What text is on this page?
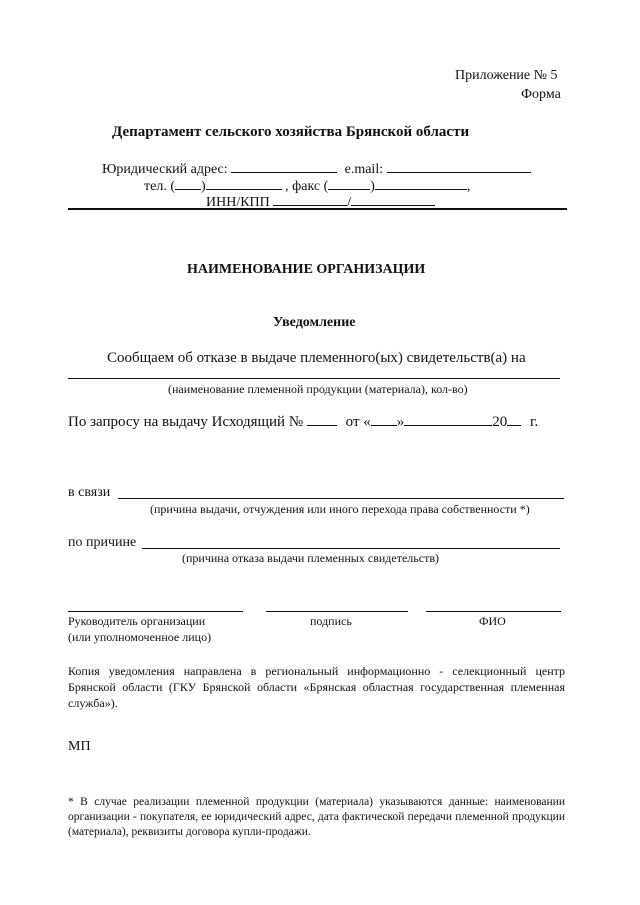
Приложение № 5
Форма
Департамент сельского хозяйства Брянской области
Юридический адрес:	e.mail:
тел. ( )	, факс (	)	,
ИНН/КПП	/
НАИМЕНОВАНИЕ ОРГАНИЗАЦИИ
Уведомление
Сообщаем об отказе в выдаче племенного(ых) свидетельств(а) на
(наименование племенной продукции (материала), кол-во)
По запросу на выдачу Исходящий №	от « »	20 г.
в связи
(причина выдачи, отчуждения или иного перехода права собственности *)
по причине
(причина отказа выдачи племенных свидетельств)
Руководитель организации
(или уполномоченное лицо)
подпись	ФИО
Копия уведомления направлена в региональный информационно - селекционный центр Брянской области (ГКУ Брянской области «Брянская областная государственная племенная служба»).
МП
* В случае реализации племенной продукции (материала) указываются данные: наименовании организации - покупателя, ее юридический адрес, дата фактической передачи племенной продукции (материала), реквизиты договора купли-продажи.
